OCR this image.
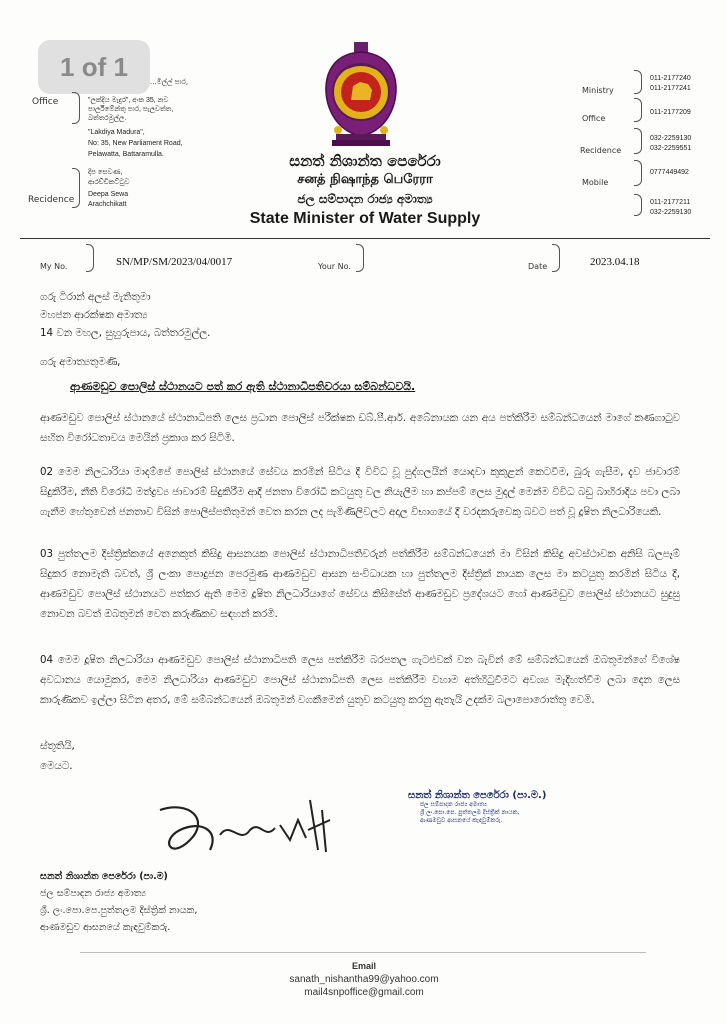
1 of 1
...මිල්ල් පාර,
Office	"ලක්දිය මැදුර", අංක 35, නව පාර්ලිමේන්තු පාර, පැලවත්ත, බත්තරමුල්ල.
"Lakdiya Madura",
No: 35, New Parliament Road,
Pelawatta, Battaramulla.
Recidence
දීප සෙවණ,
ආරච්චිකට්ටුව
Deepa Sewa
Arachchikatt
සනත් නිශාන්ත පෙරේරා
சனத் நிஷாந்த பெரேரா
ජල සම්පාදන රාජ්‍ය අමාත්‍ය
State Minister of Water Supply
Ministry
011-2177240
011-2177241
Office
011-2177209
Recidence
032-2259130
032-2259551
Mobile
0777449492
011-2177211
032-2259130
My No.	SN/MP/SM/2023/04/0017	Your No.	Date	2023.04.18
ගරු ටිරාන් අලස් මැතිතුමා
මහජන ආරක්ෂක අමාත්‍ය
14 වන මහල, සුහුරුපාය, බත්තරමුල්ල.
ගරු අමාත්‍යතුමණි,
ආණමඩුව පොලිස් ස්ථානයට පත් කර ඇති ස්ථානාධිපතිවරයා සම්බන්ධවයි.
ආණමඩුව පොලිස් ස්ථානයේ ස්ථානාධිපති ලෙස ප්‍රධාන පොලිස් පරීක්ෂක ඩබ්.පී.ආර්. අබේනායක යන අය පත්කිරීම සම්බන්ධයෙන් මාගේ කණගාටුව සහිත විරෝධතාවය මෙයින් ප්‍රකාශ කර සිටිමි.
02 මෙම නිලධාරියා මාදම්පේ පොලිස් ස්ථානයේ සේවය කරමින් සිටිය දී විවිධ වූ පුද්ගලයින් යොදවා කුකුළන් කෙටවීම, බුරු ගැසීම, දැව ජාවාරම් සිදුකිරීම, නීති විරෝධී මත්ද්‍රව්‍ය ජාවාරම් සිදුකිරීම ආදී ජනතා විරෝධී කටයුතු වල නියැලීම හා කප්පම් ලෙස මුදල් මෙන්ම විවිධ බඩු බාහිරාදිය පවා ලබා ගැනීම හේතුවෙන් ජනතාව විසින් පොලිස්පතිතුමන් වෙත කරන ලද පැමිණිලිවලට අදාල විභාගයේ දී වරදකරුවෙකු බවට පත් වූ දූෂිත නිලධාරියෙකි.
03 පුත්තලම දිස්ත්‍රික්කයේ අනෙකුත් කිසිදු ආසනයක පොලිස් ස්ථානාධිපතිවරුන් පත්කිරීම සම්බන්ධයෙන් මා විසින් කිසිදු අවස්ථාවක අනිසි බලපෑම් සිදුකර නොමැති බවත්, ශ්‍රී ලංකා පොදුජන පෙරමුණ ආණමඩුව ආසන සංවිධායක හා පුත්තලම දිස්ත්‍රික් නායක ලෙස මා කටයුතු කරමින් සිටිය දී, ආණමඩුව පොලිස් ස්ථානයට පත්කර ඇති මෙම දූෂිත නිලධාරියාගේ සේවය කිසිසේත් ආණමඩුව ප්‍රදේශයට හෝ ආණමඩුව පොලිස් ස්ථානයට සුදුසු නොවන බවත් ඔබතුමන් වෙත කරුණිකව සඳහන් කරමි.
04 මෙම දූෂිත නිලධාරියා ආණමඩුව පොලිස් ස්ථානාධිපති ලෙස පත්කිරීම බරපතල ගැටළුවක් වන බැවින් මේ සම්බන්ධයෙන් ඔබතුමන්ගේ විශේෂ අවධානය යොමුකර, මෙම නිලධාරියා ආණමඩුව පොලිස් ස්ථානාධිපති ලෙස පත්කිරීම වහාම අත්හිටුවීමට අවශ්‍ය මැදිහත්වීම ලබා දෙන ලෙස කාරුණිකව ඉල්ලා සිටින අතර, මේ සම්බන්ධයෙන් ඔබතුමන් වගකීමෙන් යුතුව කටයුතු කරනු ඇතැයි උදක්ම බලාපොරොත්තු වෙමි.
ස්තූතියි,
මෙයට.
සනත් නිශාන්ත පෙරේරා (පා.ම.)
ජල සම්පාදන රාජ්‍ය අමාත්‍ය
ශ්‍රී ලං.පො.පෙ. පුත්තලම දිස්ත්‍රික් නායක,
ආණමඩුව ආසනයේ කැඳවුම්කරු.
සනත් නිශාන්ත පෙරේරා (පා.ම)
ජල සම්පාදන රාජ්‍ය අමාත්‍ය
ශ්‍රී. ලං.පො.පෙ.පුත්තලම දිස්ත්‍රික් නායක,
ආණමඩුව ආසනයේ කැඳවුම්කරු.
Email
sanath_nishantha99@yahoo.com
mail4snpoffice@gmail.com
